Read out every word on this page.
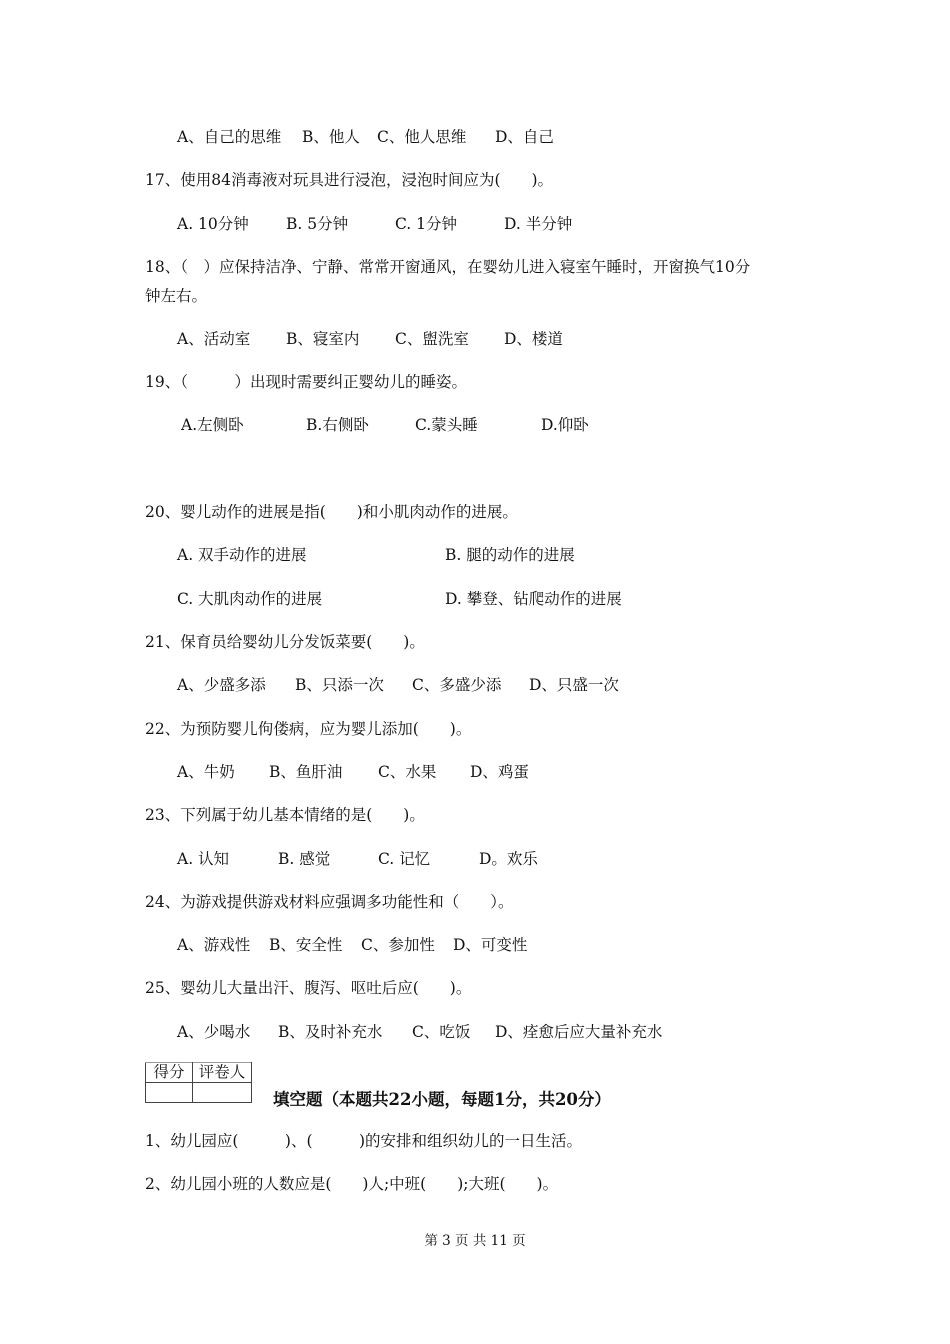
A、自己的思维 B、他人 C、他人思维 D、自己
17、使用84消毒液对玩具进行浸泡，浸泡时间应为(　　)。
A. 10分钟 B. 5分钟	C. 1分钟	D. 半分钟
18、（　）应保持洁净、宁静、常常开窗通风，在婴幼儿进入寝室午睡时，开窗换气10分
钟左右。
A、活动室 B、寝室内 C、盥洗室 D、楼道
19、（　　　）出现时需要纠正婴幼儿的睡姿。
A.左侧卧	B.右侧卧	C.蒙头睡	D.仰卧
20、婴儿动作的进展是指(　　)和小肌肉动作的进展。
A. 双手动作的进展	B. 腿的动作的进展
C. 大肌肉动作的进展	D. 攀登、钻爬动作的进展
21、保育员给婴幼儿分发饭菜要(　　)。
A、少盛多添 B、只添一次 C、多盛少添 D、只盛一次
22、为预防婴儿佝偻病，应为婴儿添加(　　)。
A、牛奶 B、鱼肝油 C、水果 D、鸡蛋
23、下列属于幼儿基本情绪的是(　　)。
A. 认知	B. 感觉	C. 记忆	D。欢乐
24、为游戏提供游戏材料应强调多功能性和（　　）。
A、游戏性 B、安全性 C、参加性 D、可变性
25、婴幼儿大量出汗、腹泻、呕吐后应(　　)。
A、少喝水 B、及时补充水 C、吃饭 D、痊愈后应大量补充水
得分	评卷人

填空题（本题共22小题，每题1分，共20分）
1、幼儿园应(　　　)、(　　　)的安排和组织幼儿的一日生活。
2、幼儿园小班的人数应是(　　)人;中班(　　);大班(　　)。
第 3 页 共 11 页
